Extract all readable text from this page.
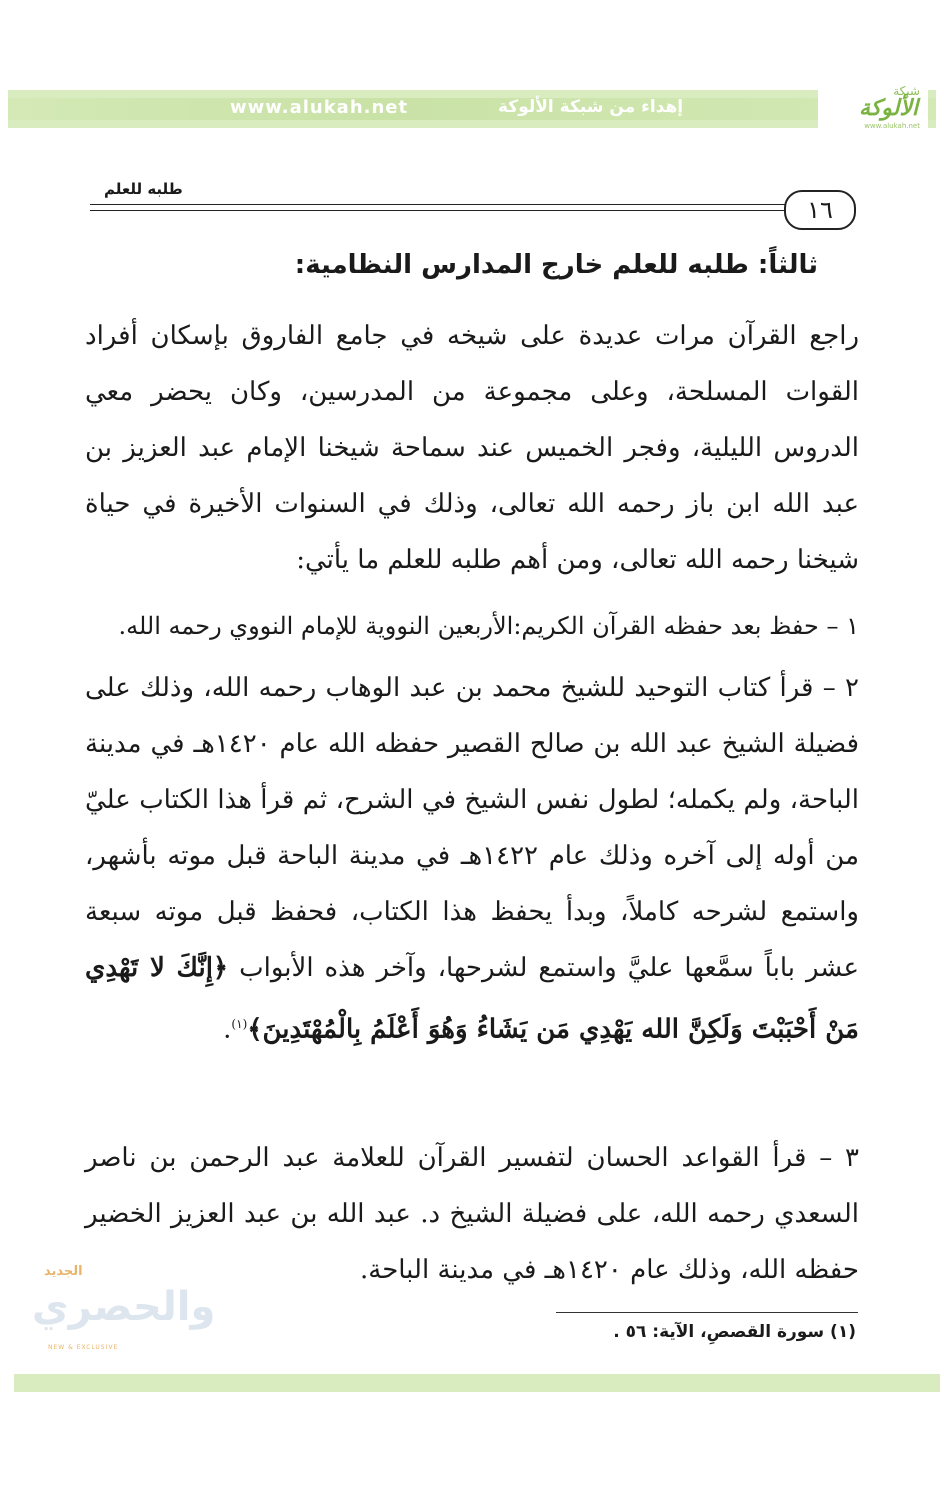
www.alukah.net	إهداء من شبكة الألوكة
شبكة
الألوكة
www.alukah.net
طلبه للعلم
١٦
ثالثاً: طلبه للعلم خارج المدارس النظامية:
راجع القرآن مرات عديدة على شيخه في جامع الفاروق بإسكان أفراد القوات المسلحة، وعلى مجموعة من المدرسين، وكان يحضر معي الدروس الليلية، وفجر الخميس عند سماحة شيخنا الإمام عبد العزيز بن عبد الله ابن باز رحمه الله تعالى، وذلك في السنوات الأخيرة في حياة شيخنا رحمه الله تعالى، ومن أهم طلبه للعلم ما يأتي:
١ – حفظ بعد حفظه القرآن الكريم:الأربعين النووية للإمام النووي رحمه الله.
٢ – قرأ كتاب التوحيد للشيخ محمد بن عبد الوهاب رحمه الله، وذلك على فضيلة الشيخ عبد الله بن صالح القصير حفظه الله عام ١٤٢٠هـ في مدينة الباحة، ولم يكمله؛ لطول نفس الشيخ في الشرح، ثم قرأ هذا الكتاب عليّ من أوله إلى آخره وذلك عام ١٤٢٢هـ في مدينة الباحة قبل موته بأشهر، واستمع لشرحه كاملاً، وبدأ يحفظ هذا الكتاب، فحفظ قبل موته سبعة عشر باباً سمَّعها عليَّ واستمع لشرحها، وآخر هذه الأبواب ﴿إِنَّكَ لا تَهْدِي مَنْ أَحْبَبْتَ وَلَكِنَّ الله يَهْدِي مَن يَشَاءُ وَهُوَ أَعْلَمُ بِالْمُهْتَدِينَ﴾$^{(١)}$.
٣ – قرأ القواعد الحسان لتفسير القرآن للعلامة عبد الرحمن بن ناصر السعدي رحمه الله، على فضيلة الشيخ د. عبد الله بن عبد العزيز الخضير حفظه الله، وذلك عام ١٤٢٠هـ في مدينة الباحة.
الجديد
والحصري
NEW & EXCLUSIVE
(١) سورة القصصِ، الآية: ٥٦ .
